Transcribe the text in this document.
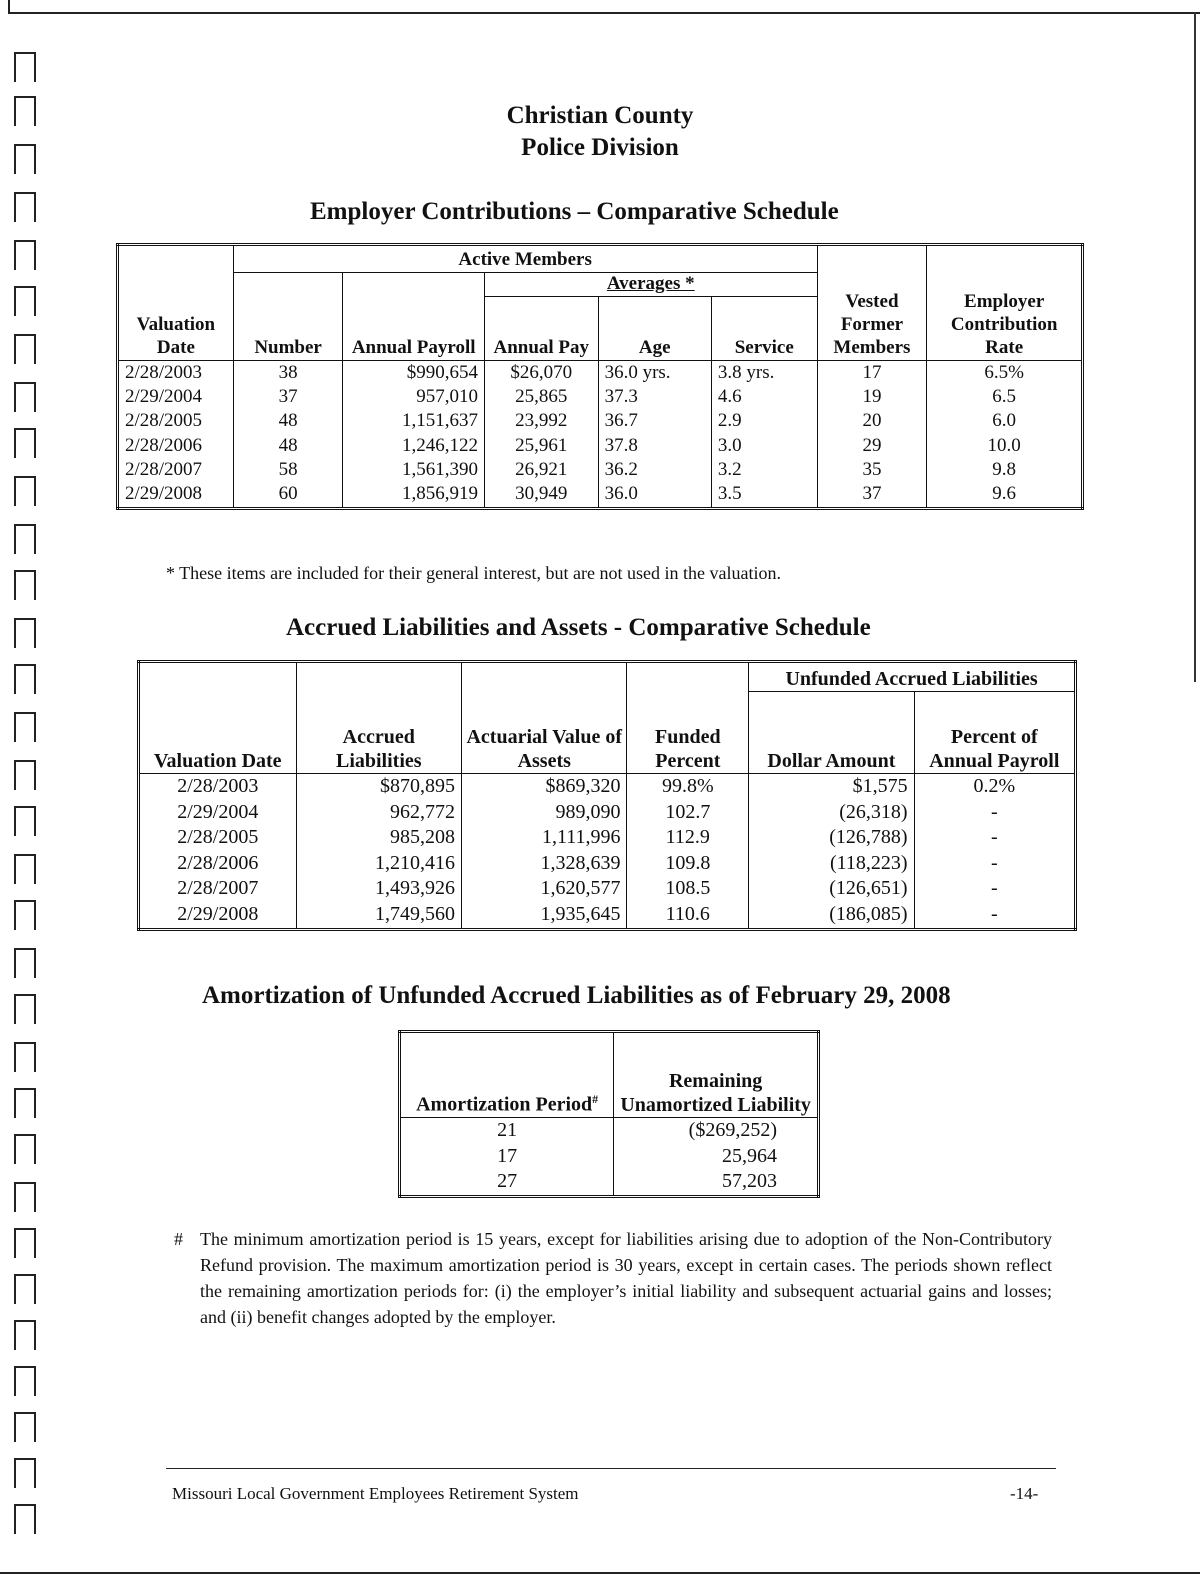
Christian County
Police Division
Employer Contributions – Comparative Schedule
Valuation Date	Active Members					Vested Former Members	Employer Contribution Rate
	Number	Annual Payroll	Averages *				
			Annual Pay	Age	Service		
2/28/2003	38	$990,654	$26,070	36.0 yrs.	3.8 yrs.	17	6.5%
2/29/2004	37	957,010	25,865	37.3	4.6	19	6.5
2/28/2005	48	1,151,637	23,992	36.7	2.9	20	6.0
2/28/2006	48	1,246,122	25,961	37.8	3.0	29	10.0
2/28/2007	58	1,561,390	26,921	36.2	3.2	35	9.8
2/29/2008	60	1,856,919	30,949	36.0	3.5	37	9.6
* These items are included for their general interest, but are not used in the valuation.
Accrued Liabilities and Assets - Comparative Schedule
Valuation Date	Accrued Liabilities	Actuarial Value of Assets	Funded Percent	Unfunded Accrued Liabilities	
				Dollar Amount	Percent of Annual Payroll
2/28/2003	$870,895	$869,320	99.8%	$1,575	0.2%
2/29/2004	962,772	989,090	102.7	(26,318)	-
2/28/2005	985,208	1,111,996	112.9	(126,788)	-
2/28/2006	1,210,416	1,328,639	109.8	(118,223)	-
2/28/2007	1,493,926	1,620,577	108.5	(126,651)	-
2/29/2008	1,749,560	1,935,645	110.6	(186,085)	-
Amortization of Unfunded Accrued Liabilities as of February 29, 2008
Amortization Period#	Remaining Unamortized Liability
21	($269,252)
17	25,964
27	57,203
# The minimum amortization period is 15 years, except for liabilities arising due to adoption of the Non-Contributory Refund provision. The maximum amortization period is 30 years, except in certain cases. The periods shown reflect the remaining amortization periods for: (i) the employer’s initial liability and subsequent actuarial gains and losses; and (ii) benefit changes adopted by the employer.
Missouri Local Government Employees Retirement System	-14-
